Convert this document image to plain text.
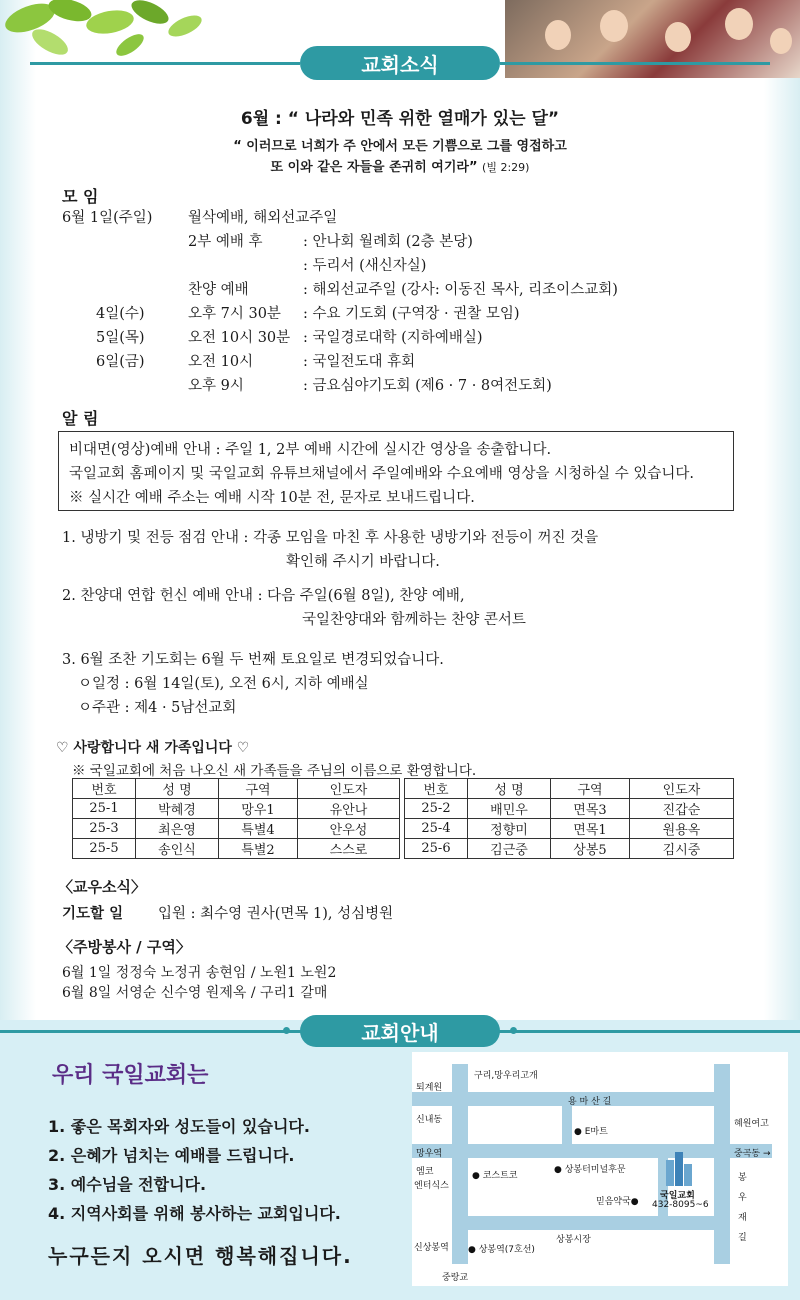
교회소식
6월 : “ 나라와 민족 위한 열매가 있는 달”
“ 이러므로 너희가 주 안에서 모든 기쁨으로 그를 영접하고
또 이와 같은 자들을 존귀히 여기라” (빌 2:29)
모 임
6월 1일(주일) 월삭예배, 해외선교주일
2부 예배 후	: 안나회 월례회 (2층 본당)
: 두리서 (새신자실)
찬양 예배	: 해외선교주일 (강사: 이동진 목사, 리조이스교회)
4일(수)	오후 7시 30분 : 수요 기도회 (구역장 · 권찰 모임)
5일(목)	오전 10시 30분 : 국일경로대학 (지하예배실)
6일(금)	오전 10시	: 국일전도대 휴회
오후 9시	: 금요심야기도회 (제6 · 7 · 8여전도회)
알 림
비대면(영상)예배 안내 : 주일 1, 2부 예배 시간에 실시간 영상을 송출합니다.
국일교회 홈페이지 및 국일교회 유튜브채널에서 주일예배와 수요예배 영상을 시청하실 수 있습니다.
※ 실시간 예배 주소는 예배 시작 10분 전, 문자로 보내드립니다.
1. 냉방기 및 전등 점검 안내 : 각종 모임을 마친 후 사용한 냉방기와 전등이 꺼진 것을
확인해 주시기 바랍니다.
2. 찬양대 연합 헌신 예배 안내 : 다음 주일(6월 8일), 찬양 예배,
국일찬양대와 함께하는 찬양 콘서트
3. 6월 조찬 기도회는 6월 두 번째 토요일로 변경되었습니다.
ㅇ일정 : 6월 14일(토), 오전 6시, 지하 예배실
ㅇ주관 : 제4 · 5남선교회
♡ 사랑합니다 새 가족입니다 ♡
※ 국일교회에 처음 나오신 새 가족들을 주님의 이름으로 환영합니다.
번호	성 명	구역	인도자
25-1	박혜경	망우1	유안나
25-3	최은영	특별4	안우성
25-5	송인식	특별2	스스로
번호	성 명	구역	인도자
25-2	배민우	면목3	진갑순
25-4	정향미	면목1	원용옥
25-6	김근중	상봉5	김시중
〈교우소식〉
기도할 일 입원 : 최수영 권사(면목 1), 성심병원
〈주방봉사 / 구역〉
6월 1일 정정숙 노정귀 송현임 / 노원1 노원2
6월 8일 서영순 신수영 원제옥 / 구리1 갈매
교회안내
우리 국일교회는
1. 좋은 목회자와 성도들이 있습니다.
2. 은혜가 넘치는 예배를 드립니다.
3. 예수님을 전합니다.
4. 지역사회를 위해 봉사하는 교회입니다.
누구든지 오시면 행복해집니다.
구리,망우리고개
퇴계원
용 마 산 길
신내동
● E마트
혜원여고
망우역	중곡동 →
엠코
엔터식스
● 코스트코
● 상봉터미널후문
국일교회
432-8095~6
믿음약국●
봉
우
재
길
상봉시장
신상봉역 ● 상봉역(7호선)
중랑교
